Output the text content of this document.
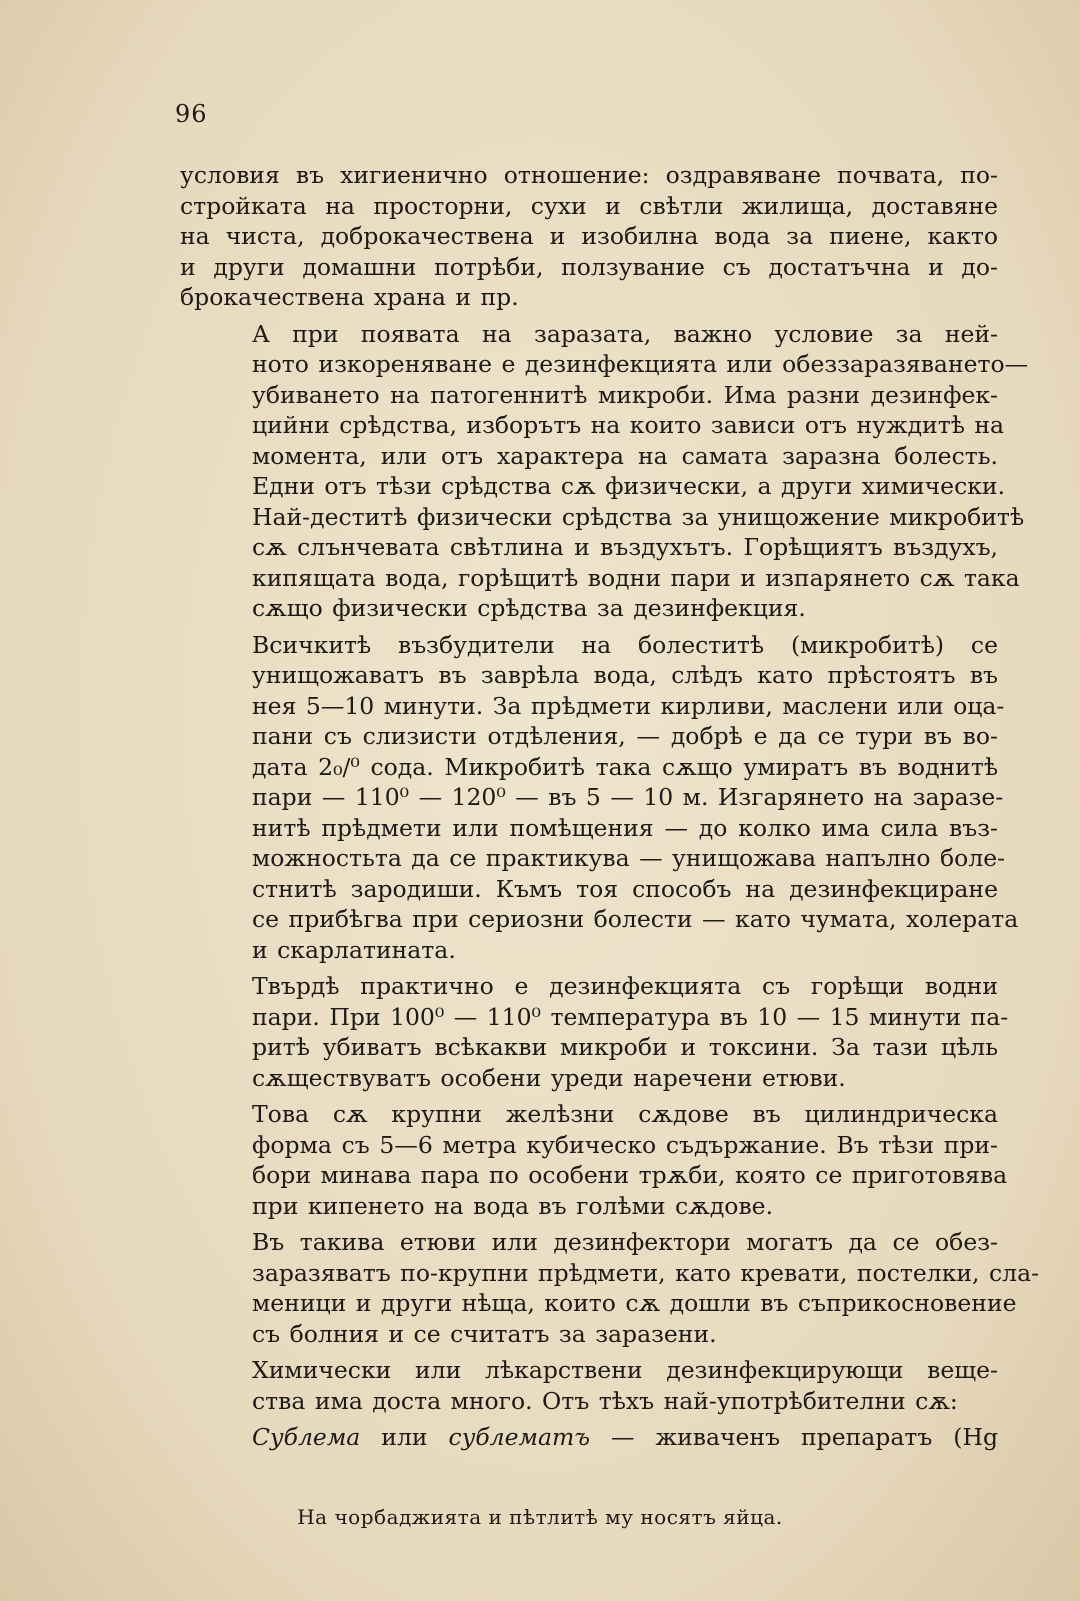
96
условия въ хигиенично отношение: оздравяване почвата, по-
стройката на просторни, сухи и свѣтли жилища, доставяне
на чиста, доброкачествена и изобилна вода за пиене, както
и други домашни потрѣби, ползувание съ достатъчна и до-
брокачествена храна и пр.
А при появата на заразата, важно условие за ней-
ното изкореняване е дезинфекцията или обеззаразяването—
убиването на патогеннитѣ микроби. Има разни дезинфек-
цийни срѣдства, изборътъ на които зависи отъ нуждитѣ на
момента, или отъ характера на самата заразна болесть.
Едни отъ тѣзи срѣдства сѫ физически, а други химически.
Най-деститѣ физически срѣдства за унищожение микробитѣ
сѫ слънчевата свѣтлина и въздухътъ. Горѣщиятъ въздухъ,
кипящата вода, горѣщитѣ водни пари и изпарянето сѫ така
сѫщо физически срѣдства за дезинфекция.
Всичкитѣ възбудители на болеститѣ (микробитѣ) се
унищожаватъ въ заврѣла вода, слѣдъ като прѣстоятъ въ
нея 5—10 минути. За прѣдмети кирливи, маслени или оца-
пани съ слизисти отдѣления, — добрѣ е да се тури въ во-
дата 2₀/⁰ сода. Микробитѣ така сѫщо умиратъ въ воднитѣ
пари — 110⁰ — 120⁰ — въ 5 — 10 м. Изгарянето на заразе-
нитѣ прѣдмети или помѣщения — до колко има сила въз-
можностьта да се практикува — унищожава напълно боле-
стнитѣ зародиши. Къмъ тоя способъ на дезинфекциране
се прибѣгва при сериозни болести — като чумата, холерата
и скарлатината.
Твърдѣ практично е дезинфекцията съ горѣщи водни
пари. При 100⁰ — 110⁰ температура въ 10 — 15 минути па-
ритѣ убиватъ всѣкакви микроби и токсини. За тази цѣль
сѫществуватъ особени уреди наречени етюви.
Това сѫ крупни желѣзни сѫдове въ цилиндрическа
форма съ 5—6 метра кубическо съдържание. Въ тѣзи при-
бори минава пара по особени трѫби, която се приготовява
при кипенето на вода въ голѣми сѫдове.
Въ такива етюви или дезинфектори могатъ да се обез-
заразяватъ по-крупни прѣдмети, като кревати, постелки, сла-
меници и други нѣща, които сѫ дошли въ съприкосновение
съ болния и се считатъ за заразени.
Химически или лѣкарствени дезинфекцирующи веще-
ства има доста много. Отъ тѣхъ най-употрѣбителни сѫ:
Сублема или сублематъ — живаченъ препаратъ (Hg
На чорбаджията и пѣтлитѣ му носятъ яйца.
